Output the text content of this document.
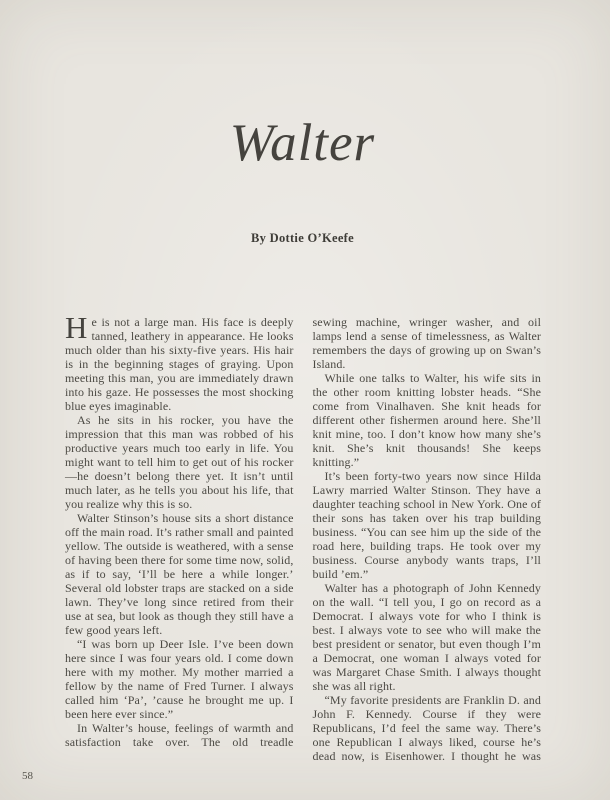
Walter
By Dottie O’Keefe

He is not a large man. His face is deeply tanned, leathery in appearance. He looks much older than his sixty-five years. His hair is in the beginning stages of graying. Upon meeting this man, you are immediately drawn into his gaze. He possesses the most shocking blue eyes imaginable.

As he sits in his rocker, you have the impression that this man was robbed of his productive years much too early in life. You might want to tell him to get out of his rocker—he doesn’t belong there yet. It isn’t until much later, as he tells you about his life, that you realize why this is so.

Walter Stinson’s house sits a short distance off the main road. It’s rather small and painted yellow. The outside is weathered, with a sense of having been there for some time now, solid, as if to say, ‘I’ll be here a while longer.’ Several old lobster traps are stacked on a side lawn. They’ve long since retired from their use at sea, but look as though they still have a few good years left.

“I was born up Deer Isle. I’ve been down here since I was four years old. I come down here with my mother. My mother married a fellow by the name of Fred Turner. I always called him ‘Pa’, ’cause he brought me up. I been here ever since.”

In Walter’s house, feelings of warmth and satisfaction take over. The old treadle

sewing machine, wringer washer, and oil lamps lend a sense of timelessness, as Walter remembers the days of growing up on Swan’s Island.

While one talks to Walter, his wife sits in the other room knitting lobster heads. “She come from Vinalhaven. She knit heads for different other fishermen around here. She’ll knit mine, too. I don’t know how many she’s knit. She’s knit thousands! She keeps knitting.”

It’s been forty-two years now since Hilda Lawry married Walter Stinson. They have a daughter teaching school in New York. One of their sons has taken over his trap building business. “You can see him up the side of the road here, building traps. He took over my business. Course anybody wants traps, I’ll build ’em.”

Walter has a photograph of John Kennedy on the wall. “I tell you, I go on record as a Democrat. I always vote for who I think is best. I always vote to see who will make the best president or senator, but even though I’m a Democrat, one woman I always voted for was Margaret Chase Smith. I always thought she was all right.

“My favorite presidents are Franklin D. and John F. Kennedy. Course if they were Republicans, I’d feel the same way. There’s one Republican I always liked, course he’s dead now, is Eisenhower. I thought he was

58
